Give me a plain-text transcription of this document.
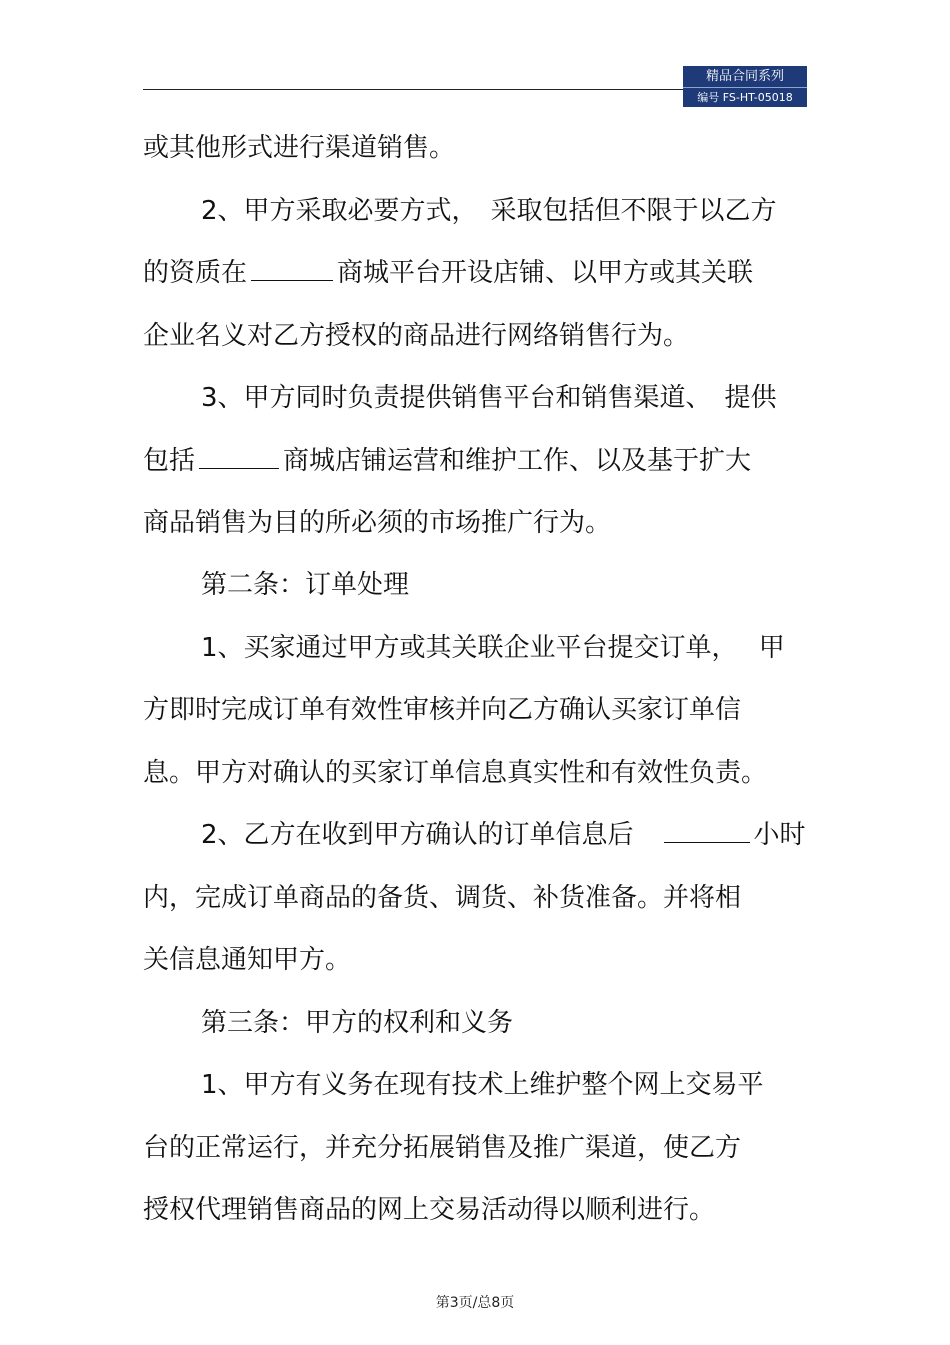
精品合同系列
编号 FS-HT-05018
或其他形式进行渠道销售。
2、甲方采取必要方式，　采取包括但不限于以乙方
的资质在	商城平台开设店铺、以甲方或其关联
企业名义对乙方授权的商品进行网络销售行为。
3、甲方同时负责提供销售平台和销售渠道、　提供
包括	商城店铺运营和维护工作、以及基于扩大
商品销售为目的所必须的市场推广行为。
第二条：订单处理
1、买家通过甲方或其关联企业平台提交订单，　 甲
方即时完成订单有效性审核并向乙方确认买家订单信
息。甲方对确认的买家订单信息真实性和有效性负责。
2、乙方在收到甲方确认的订单信息后	小时
内，完成订单商品的备货、调货、补货准备。并将相
关信息通知甲方。
第三条：甲方的权利和义务
1、甲方有义务在现有技术上维护整个网上交易平
台的正常运行，并充分拓展销售及推广渠道，使乙方
授权代理销售商品的网上交易活动得以顺利进行。
第3页/总8页
